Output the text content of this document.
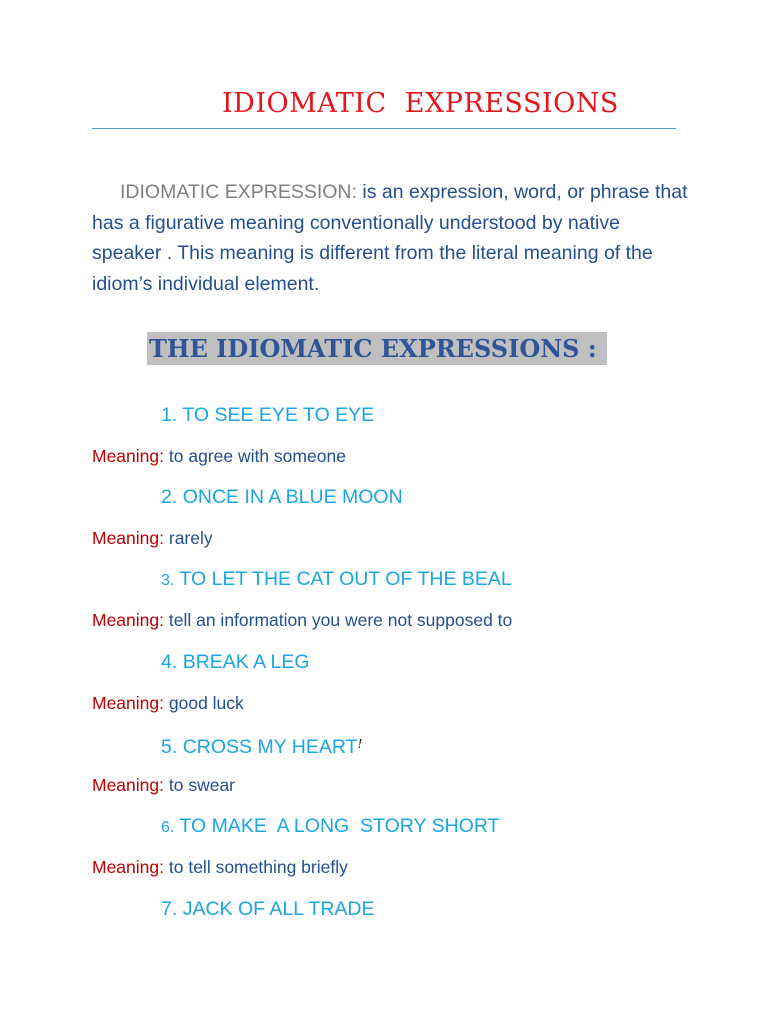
IDIOMATIC  EXPRESSIONS

IDIOMATIC EXPRESSION: is an expression, word, or phrase that has a figurative meaning conventionally understood by native speaker . This meaning is different from the literal meaning of the idiom’s individual element.

THE IDIOMATIC EXPRESSIONS :

1. TO SEE EYE TO EYE

Meaning: to agree with someone

2. ONCE IN A BLUE MOON

Meaning: rarely

3. TO LET THE CAT OUT OF THE BEAL

Meaning: tell an information you were not supposed to

4. BREAK A LEG

Meaning: good luck

5. CROSS MY HEART!

Meaning: to swear

6. TO MAKE  A LONG  STORY SHORT

Meaning: to tell something briefly

7. JACK OF ALL TRADE
